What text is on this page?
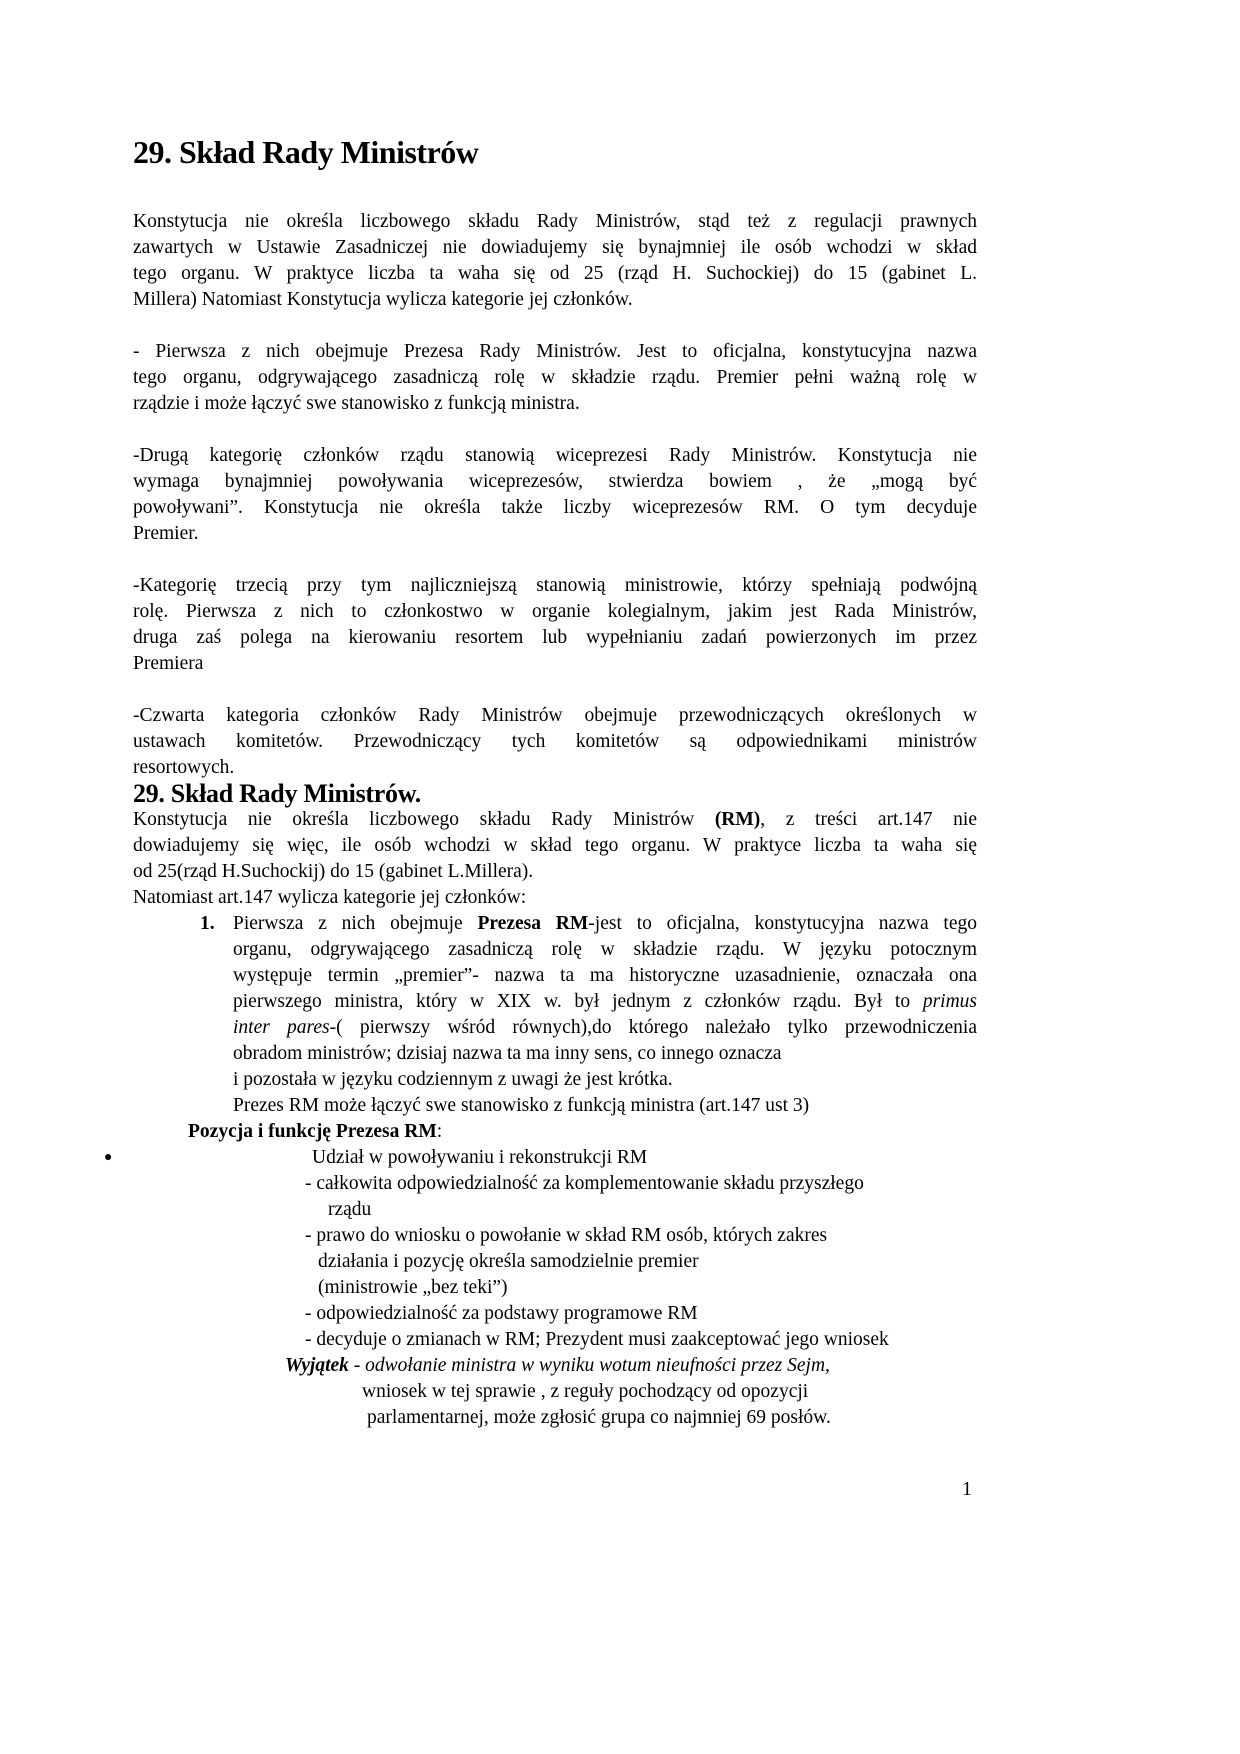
29. Skład Rady Ministrów
Konstytucja nie określa liczbowego składu Rady Ministrów, stąd też z regulacji prawnych
zawartych w Ustawie Zasadniczej nie dowiadujemy się bynajmniej ile osób wchodzi w skład
tego organu. W praktyce liczba ta waha się od 25 (rząd H. Suchockiej) do 15 (gabinet L.
Millera) Natomiast Konstytucja wylicza kategorie jej członków.
- Pierwsza z nich obejmuje Prezesa Rady Ministrów. Jest to oficjalna, konstytucyjna nazwa
tego organu, odgrywającego zasadniczą rolę w składzie rządu. Premier pełni ważną rolę w
rządzie i może łączyć swe stanowisko z funkcją ministra.
-Drugą kategorię członków rządu stanowią wiceprezesi Rady Ministrów. Konstytucja nie
wymaga bynajmniej powoływania wiceprezesów, stwierdza bowiem , że „mogą być
powoływani”. Konstytucja nie określa także liczby wiceprezesów RM. O tym decyduje
Premier.
-Kategorię trzecią przy tym najliczniejszą stanowią ministrowie, którzy spełniają podwójną
rolę. Pierwsza z nich to członkostwo w organie kolegialnym, jakim jest Rada Ministrów,
druga zaś polega na kierowaniu resortem lub wypełnianiu zadań powierzonych im przez
Premiera
-Czwarta kategoria członków Rady Ministrów obejmuje przewodniczących określonych w
ustawach komitetów. Przewodniczący tych komitetów są odpowiednikami ministrów
resortowych.
29. Skład Rady Ministrów.
Konstytucja nie określa liczbowego składu Rady Ministrów (RM), z treści art.147 nie
dowiadujemy się więc, ile osób wchodzi w skład tego organu. W praktyce liczba ta waha się
od 25(rząd H.Suchockij) do 15 (gabinet L.Millera).
Natomiast art.147 wylicza kategorie jej członków:
1. Pierwsza z nich obejmuje Prezesa RM-jest to oficjalna, konstytucyjna nazwa tego
organu, odgrywającego zasadniczą rolę w składzie rządu. W języku potocznym
występuje termin „premier”- nazwa ta ma historyczne uzasadnienie, oznaczała ona
pierwszego ministra, który w XIX w. był jednym z członków rządu. Był to primus
inter pares-( pierwszy wśród równych),do którego należało tylko przewodniczenia
obradom ministrów; dzisiaj nazwa ta ma inny sens, co innego oznacza
i pozostała w języku codziennym z uwagi że jest krótka.
Prezes RM może łączyć swe stanowisko z funkcją ministra (art.147 ust 3)
Pozycja i funkcję Prezesa RM:
●	Udział w powoływaniu i rekonstrukcji RM
- całkowita odpowiedzialność za komplementowanie składu przyszłego
rządu
- prawo do wniosku o powołanie w skład RM osób, których zakres
działania i pozycję określa samodzielnie premier
(ministrowie „bez teki”)
- odpowiedzialność za podstawy programowe RM
- decyduje o zmianach w RM; Prezydent musi zaakceptować jego wniosek
Wyjątek - odwołanie ministra w wyniku wotum nieufności przez Sejm,
wniosek w tej sprawie , z reguły pochodzący od opozycji
parlamentarnej, może zgłosić grupa co najmniej 69 posłów.
1
